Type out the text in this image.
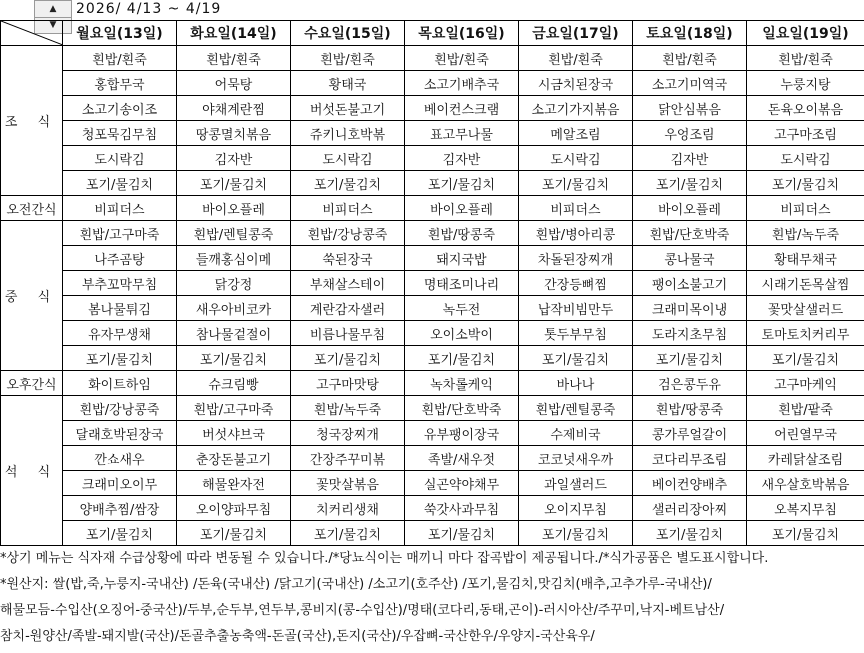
2026/ 4/13 ~ 4/19
▲
▼
	월요일(13일)	화요일(14일)	수요일(15일)	목요일(16일)	금요일(17일)	토요일(18일)	일요일(19일)
조 식	흰밥/흰죽	흰밥/흰죽	흰밥/흰죽	흰밥/흰죽	흰밥/흰죽	흰밥/흰죽	흰밥/흰죽
	홍합무국	어묵탕	황태국	소고기배추국	시금치된장국	소고기미역국	누룽지탕
	소고기송이조	야채계란찜	버섯돈불고기	베이컨스크램	소고기가지볶음	닭안심볶음	돈육오이볶음
	청포묵김무침	땅콩멸치볶음	쥬키니호박볶	표고무나물	메알조림	우엉조림	고구마조림
	도시락김	김자반	도시락김	김자반	도시락김	김자반	도시락김
	포기/물김치	포기/물김치	포기/물김치	포기/물김치	포기/물김치	포기/물김치	포기/물김치
오전간식	비피더스	바이오플레	비피더스	바이오플레	비피더스	바이오플레	비피더스
중 식	흰밥/고구마죽	흰밥/렌틸콩죽	흰밥/강낭콩죽	흰밥/땅콩죽	흰밥/병아리콩	흰밥/단호박죽	흰밥/녹두죽
	나주곰탕	들깨홍심이메	쑥된장국	돼지국밥	차돌된장찌개	콩나물국	황태무채국
	부추꼬막무침	닭강정	부채살스테이	명태조미나리	간장등뼈찜	팽이소불고기	시래기돈목살찜
	봄나물튀김	새우아비코카	계란감자샐러	녹두전	납작비빔만두	크래미목이냉	꽃맛살샐러드
	유자무생채	참나물겉절이	비름나물무침	오이소박이	톳두부무침	도라지초무침	토마토치커리무
	포기/물김치	포기/물김치	포기/물김치	포기/물김치	포기/물김치	포기/물김치	포기/물김치
오후간식	화이트하임	슈크림빵	고구마맛탕	녹차롤케익	바나나	검은콩두유	고구마케익
석 식	흰밥/강낭콩죽	흰밥/고구마죽	흰밥/녹두죽	흰밥/단호박죽	흰밥/렌틸콩죽	흰밥/땅콩죽	흰밥/팥죽
	달래호박된장국	버섯샤브국	청국장찌개	유부팽이장국	수제비국	콩가루얼갈이	어린열무국
	깐쇼새우	춘장돈불고기	간장주꾸미볶	족발/새우젓	코코넛새우까	코다리무조림	카레닭살조림
	크래미오이무	해물완자전	꽃맛살볶음	실곤약야채무	과일샐러드	베이컨양배추	새우살호박볶음
	양배추찜/쌈장	오이양파무침	치커리생채	쑥갓사과무침	오이지무침	샐러리장아찌	오복지무침
	포기/물김치	포기/물김치	포기/물김치	포기/물김치	포기/물김치	포기/물김치	포기/물김치
*상기 메뉴는 식자재 수급상황에 따라 변동될 수 있습니다./*당뇨식이는 매끼니 마다 잡곡밥이 제공됩니다./*식가공품은 별도표시합니다.
*원산지: 쌀(밥,죽,누룽지-국내산) /돈육(국내산) /닭고기(국내산) /소고기(호주산) /포기,물김치,맛김치(배추,고추가루-국내산)/
해물모듬-수입산(오징어-중국산)/두부,순두부,연두부,콩비지(콩-수입산)/명태(코다리,동태,곤이)-러시아산/주꾸미,낙지-베트남산/
참치-원양산/족발-돼지발(국산)/돈골추출농축액-돈골(국산),돈지(국산)/우잡뼈-국산한우/우양지-국산육우/
